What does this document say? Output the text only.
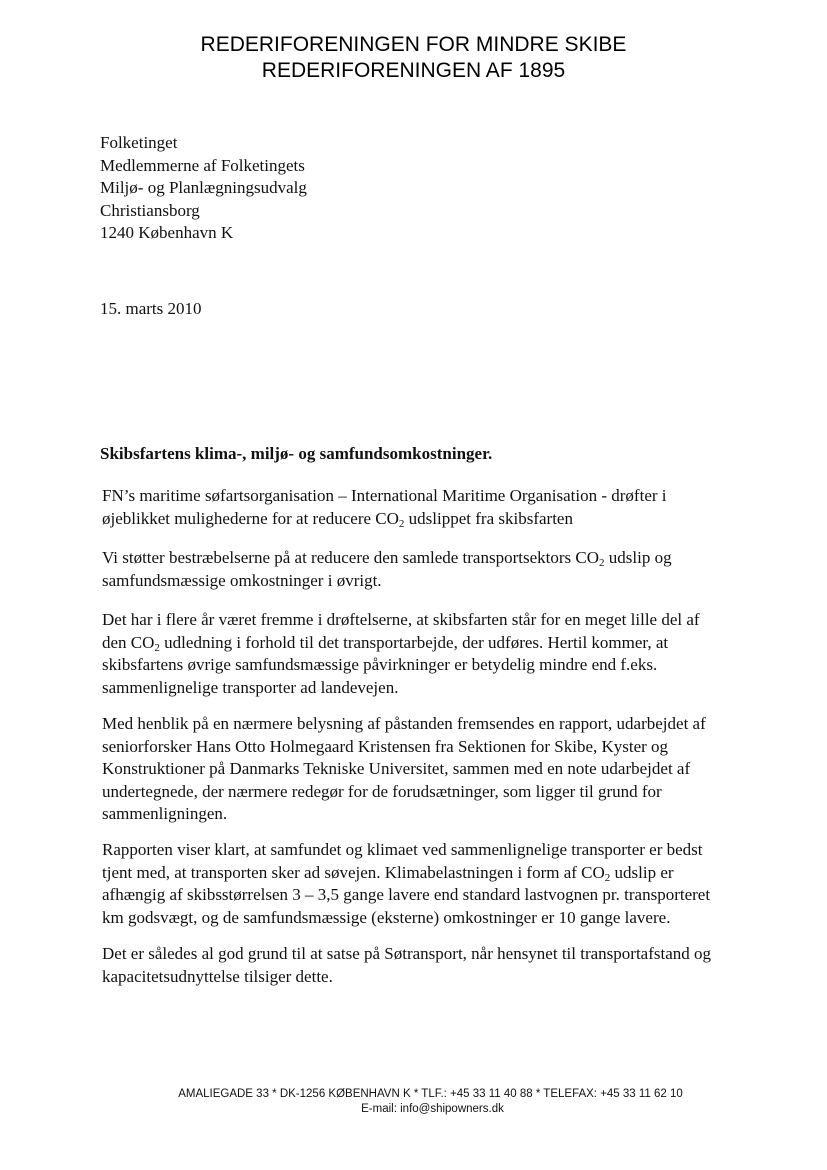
REDERIFORENINGEN FOR MINDRE SKIBE
REDERIFORENINGEN AF 1895
Folketinget
Medlemmerne af Folketingets
Miljø- og Planlægningsudvalg
Christiansborg
1240 København K
15. marts 2010
Skibsfartens klima-, miljø- og samfundsomkostninger.
FN’s maritime søfartsorganisation – International Maritime Organisation - drøfter i
øjeblikket mulighederne for at reducere $CO_2$ udslippet fra skibsfarten
Vi støtter bestræbelserne på at reducere den samlede transportsektors $CO_2$ udslip og
samfundsmæssige omkostninger i øvrigt.
Det har i flere år været fremme i drøftelserne, at skibsfarten står for en meget lille del af
den $CO_2$ udledning i forhold til det transportarbejde, der udføres. Hertil kommer, at
skibsfartens øvrige samfundsmæssige påvirkninger er betydelig mindre end f.eks.
sammenlignelige transporter ad landevejen.
Med henblik på en nærmere belysning af påstanden fremsendes en rapport, udarbejdet af
seniorforsker Hans Otto Holmegaard Kristensen fra Sektionen for Skibe, Kyster og
Konstruktioner på Danmarks Tekniske Universitet, sammen med en note udarbejdet af
undertegnede, der nærmere redegør for de forudsætninger, som ligger til grund for
sammenligningen.
Rapporten viser klart, at samfundet og klimaet ved sammenlignelige transporter er bedst
tjent med, at transporten sker ad søvejen. Klimabelastningen i form af $CO_2$ udslip er
afhængig af skibsstørrelsen 3 – 3,5 gange lavere end standard lastvognen pr. transporteret
km godsvægt, og de samfundsmæssige (eksterne) omkostninger er 10 gange lavere.
Det er således al god grund til at satse på Søtransport, når hensynet til transportafstand og
kapacitetsudnyttelse tilsiger dette.
AMALIEGADE 33 * DK-1256 KØBENHAVN K * TLF.: +45 33 11 40 88 * TELEFAX: +45 33 11 62 10
E-mail: info@shipowners.dk
